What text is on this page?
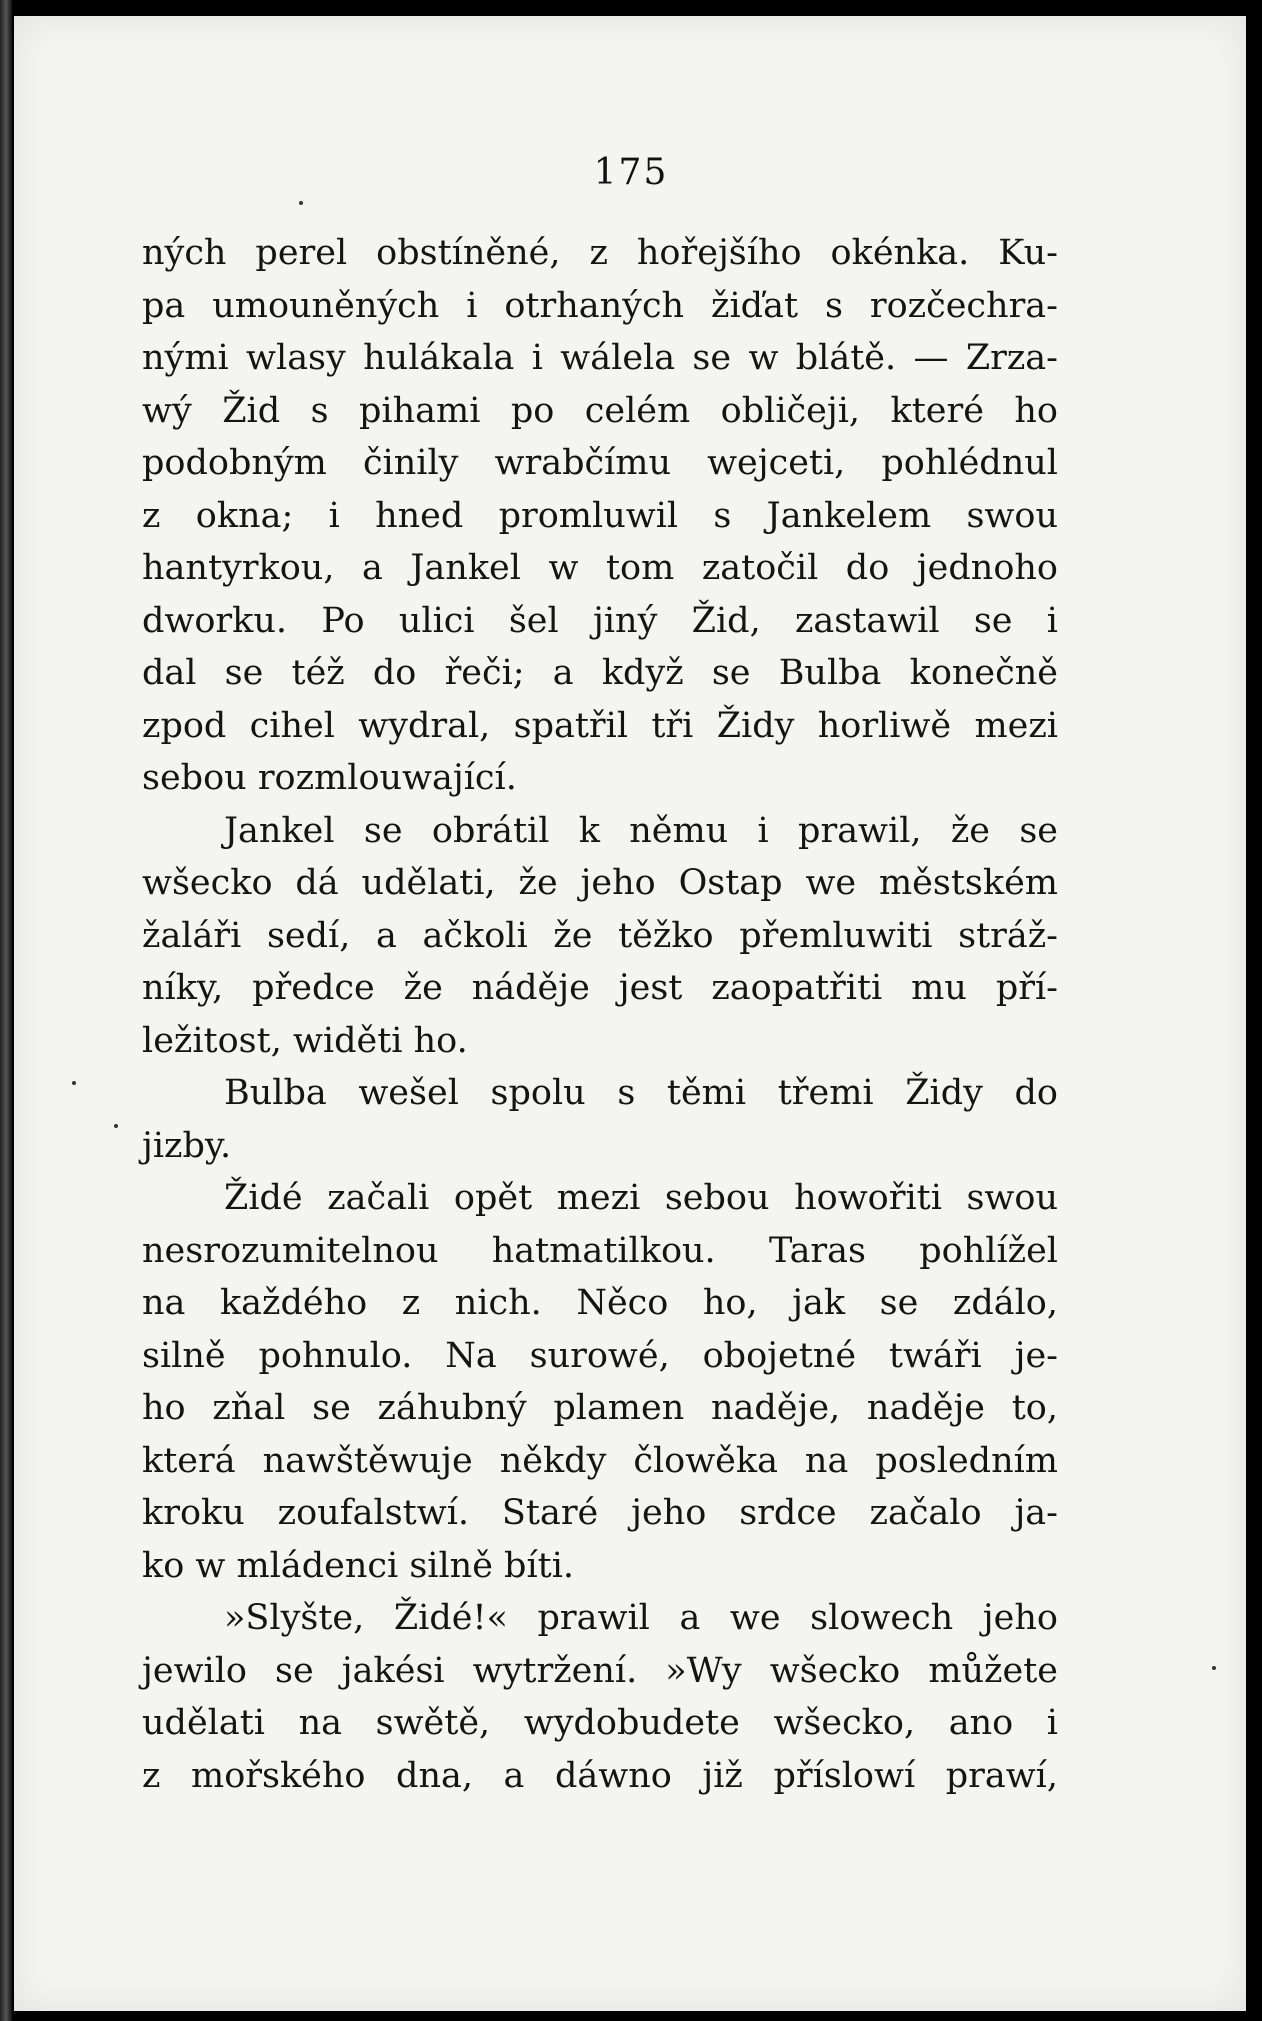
175
ných perel obstíněné, z hořejšího okénka. Ku-
pa umouněných i otrhaných žiďat s rozčechra-
nými wlasy hulákala i wálela se w blátě. — Zrza-
wý Žid s pihami po celém obličeji, které ho
podobným činily wrabčímu wejceti, pohlédnul
z okna; i hned promluwil s Jankelem swou
hantyrkou, a Jankel w tom zatočil do jednoho
dworku. Po ulici šel jiný Žid, zastawil se i
dal se též do řeči; a když se Bulba konečně
zpod cihel wydral, spatřil tři Židy horliwě mezi
sebou rozmlouwající.
Jankel se obrátil k němu i prawil, že se
wšecko dá udělati, že jeho Ostap we městském
žaláři sedí, a ačkoli že těžko přemluwiti stráž-
níky, předce že náděje jest zaopatřiti mu pří-
ležitost, widěti ho.
Bulba wešel spolu s těmi třemi Židy do
jizby.
Židé začali opět mezi sebou howořiti swou
nesrozumitelnou hatmatilkou. Taras pohlížel
na každého z nich. Něco ho, jak se zdálo,
silně pohnulo. Na surowé, obojetné twáři je-
ho zňal se záhubný plamen naděje, naděje to,
která nawštěwuje někdy člowěka na posledním
kroku zoufalstwí. Staré jeho srdce začalo ja-
ko w mládenci silně bíti.
»Slyšte, Židé!« prawil a we slowech jeho
jewilo se jakési wytržení. »Wy wšecko můžete
udělati na swětě, wydobudete wšecko, ano i
z mořského dna, a dáwno již příslowí prawí,
